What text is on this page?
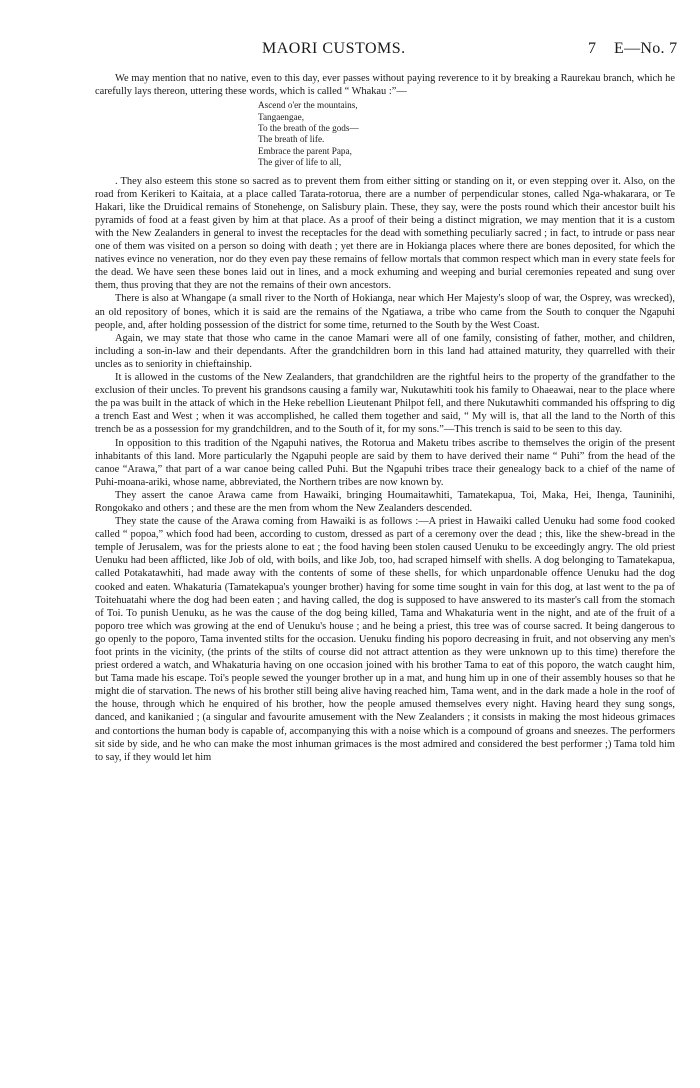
MAORI CUSTOMS.	7 E—No. 7

We may mention that no native, even to this day, ever passes without paying reverence to it by breaking a Raurekau branch, which he carefully lays thereon, uttering these words, which is called “ Whakau :”—

Ascend o'er the mountains,
Tangaengae,
To the breath of the gods—
The breath of life.
Embrace the parent Papa,
The giver of life to all,

. They also esteem this stone so sacred as to prevent them from either sitting or standing on it, or even stepping over it. Also, on the road from Kerikeri to Kaitaia, at a place called Tarata-rotorua, there are a number of perpendicular stones, called Nga-whakarara, or Te Hakari, like the Druidical remains of Stonehenge, on Salisbury plain. These, they say, were the posts round which their ancestor built his pyramids of food at a feast given by him at that place. As a proof of their being a distinct migration, we may mention that it is a custom with the New Zealanders in general to invest the receptacles for the dead with something peculiarly sacred ; in fact, to intrude or pass near one of them was visited on a person so doing with death ; yet there are in Hokianga places where there are bones deposited, for which the natives evince no veneration, nor do they even pay these remains of fellow mortals that common respect which man in every state feels for the dead. We have seen these bones laid out in lines, and a mock exhuming and weeping and burial ceremonies repeated and sung over them, thus proving that they are not the remains of their own ancestors.

There is also at Whangape (a small river to the North of Hokianga, near which Her Majesty's sloop of war, the Osprey, was wrecked), an old repository of bones, which it is said are the remains of the Ngatiawa, a tribe who came from the South to conquer the Ngapuhi people, and, after holding possession of the district for some time, returned to the South by the West Coast.

Again, we may state that those who came in the canoe Mamari were all of one family, consisting of father, mother, and children, including a son-in-law and their dependants. After the grandchildren born in this land had attained maturity, they quarrelled with their uncles as to seniority in chieftainship.

It is allowed in the customs of the New Zealanders, that grandchildren are the rightful heirs to the property of the grandfather to the exclusion of their uncles. To prevent his grandsons causing a family war, Nukutawhiti took his family to Ohaeawai, near to the place where the pa was built in the attack of which in the Heke rebellion Lieutenant Philpot fell, and there Nukutawhiti commanded his offspring to dig a trench East and West ; when it was accomplished, he called them together and said, “ My will is, that all the land to the North of this trench be as a possession for my grandchildren, and to the South of it, for my sons.”—This trench is said to be seen to this day.

In opposition to this tradition of the Ngapuhi natives, the Rotorua and Maketu tribes ascribe to themselves the origin of the present inhabitants of this land. More particularly the Ngapuhi people are said by them to have derived their name “ Puhi” from the head of the canoe “Arawa,” that part of a war canoe being called Puhi. But the Ngapuhi tribes trace their genealogy back to a chief of the name of Puhi-moana-ariki, whose name, abbreviated, the Northern tribes are now known by.

They assert the canoe Arawa came from Hawaiki, bringing Houmaitawhiti, Tamatekapua, Toi, Maka, Hei, Ihenga, Tauninihi, Rongokako and others ; and these are the men from whom the New Zealanders descended.

They state the cause of the Arawa coming from Hawaiki is as follows :—A priest in Hawaiki called Uenuku had some food cooked called “ popoa,” which food had been, according to custom, dressed as part of a ceremony over the dead ; this, like the shew-bread in the temple of Jerusalem, was for the priests alone to eat ; the food having been stolen caused Uenuku to be exceedingly angry. The old priest Uenuku had been afflicted, like Job of old, with boils, and like Job, too, had scraped himself with shells. A dog belonging to Tamatekapua, called Potakatawhiti, had made away with the contents of some of these shells, for which unpardonable offence Uenuku had the dog cooked and eaten. Whakaturia (Tamatekapua's younger brother) having for some time sought in vain for this dog, at last went to the pa of Toitehuatahi where the dog had been eaten ; and having called, the dog is supposed to have answered to its master's call from the stomach of Toi. To punish Uenuku, as he was the cause of the dog being killed, Tama and Whakaturia went in the night, and ate of the fruit of a poporo tree which was growing at the end of Uenuku's house ; and he being a priest, this tree was of course sacred. It being dangerous to go openly to the poporo, Tama invented stilts for the occasion. Uenuku finding his poporo decreasing in fruit, and not observing any men's foot prints in the vicinity, (the prints of the stilts of course did not attract attention as they were unknown up to this time) therefore the priest ordered a watch, and Whakaturia having on one occasion joined with his brother Tama to eat of this poporo, the watch caught him, but Tama made his escape. Toi's people sewed the younger brother up in a mat, and hung him up in one of their assembly houses so that he might die of starvation. The news of his brother still being alive having reached him, Tama went, and in the dark made a hole in the roof of the house, through which he enquired of his brother, how the people amused themselves every night. Having heard they sung songs, danced, and kanikanied ; (a singular and favourite amusement with the New Zealanders ; it consists in making the most hideous grimaces and contortions the human body is capable of, accompanying this with a noise which is a compound of groans and sneezes. The performers sit side by side, and he who can make the most inhuman grimaces is the most admired and considered the best performer ;) Tama told him to say, if they would let him
